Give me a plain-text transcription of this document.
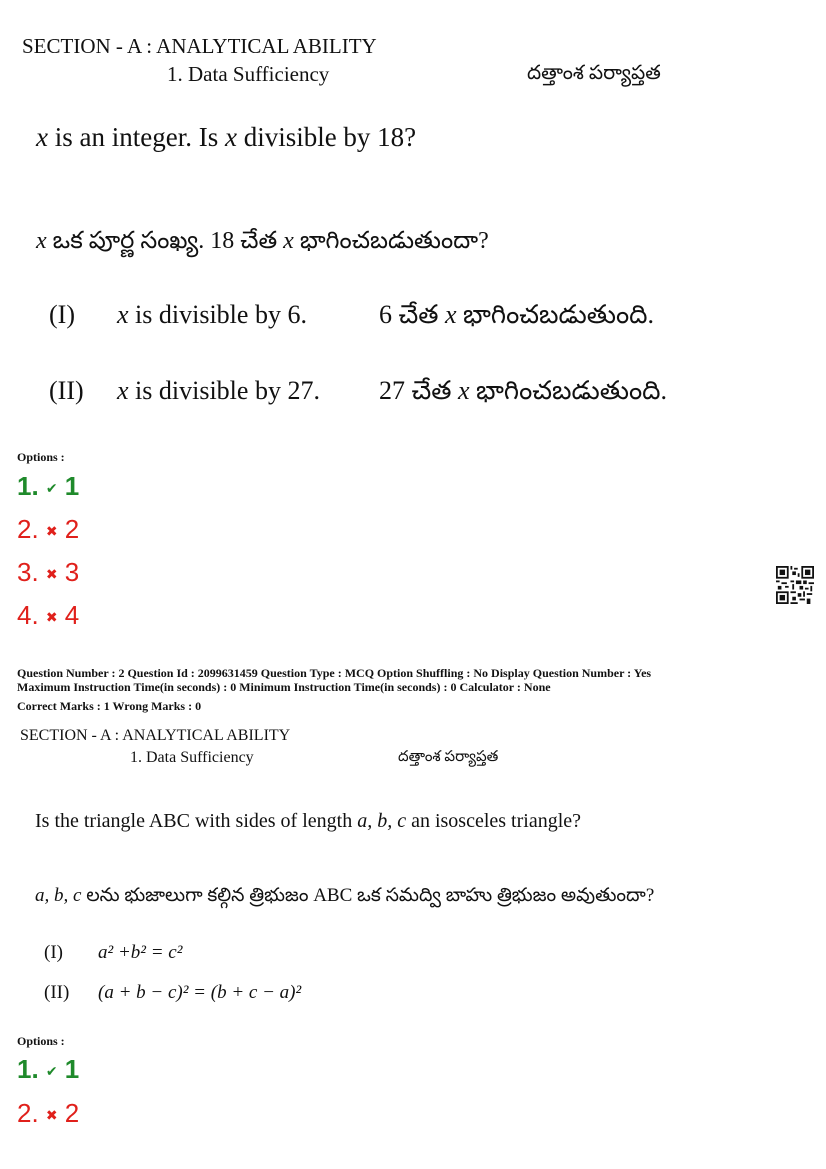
SECTION - A : ANALYTICAL ABILITY
1. Data Sufficiency	దత్తాంశ పర్యాప్తత
x is an integer. Is x divisible by 18?
x ఒక పూర్ణ సంఖ్య. 18 చేత x భాగించబడుతుందా?
(I) x is divisible by 6.	6 చేత x భాగించబడుతుంది.
(II) x is divisible by 27. 27 చేత x భాగించబడుతుంది.
Options :
1. ✔ 1
2. ✖ 2
3. ✖ 3
4. ✖ 4
Question Number : 2 Question Id : 2099631459 Question Type : MCQ Option Shuffling : No Display Question Number : Yes
Maximum Instruction Time(in seconds) : 0 Minimum Instruction Time(in seconds) : 0 Calculator : None
Correct Marks : 1 Wrong Marks : 0
SECTION - A : ANALYTICAL ABILITY
1. Data Sufficiency	దత్తాంశ పర్యాప్తత
Is the triangle ABC with sides of length a, b, c an isosceles triangle?
a, b, c లను భుజాలుగా కల్గిన త్రిభుజం ABC ఒక సమద్వి బాహు త్రిభుజం అవుతుందా?
(I) a² +b² = c²
(II) (a + b − c)² = (b + c − a)²
Options :
1. ✔ 1
2. ✖ 2
